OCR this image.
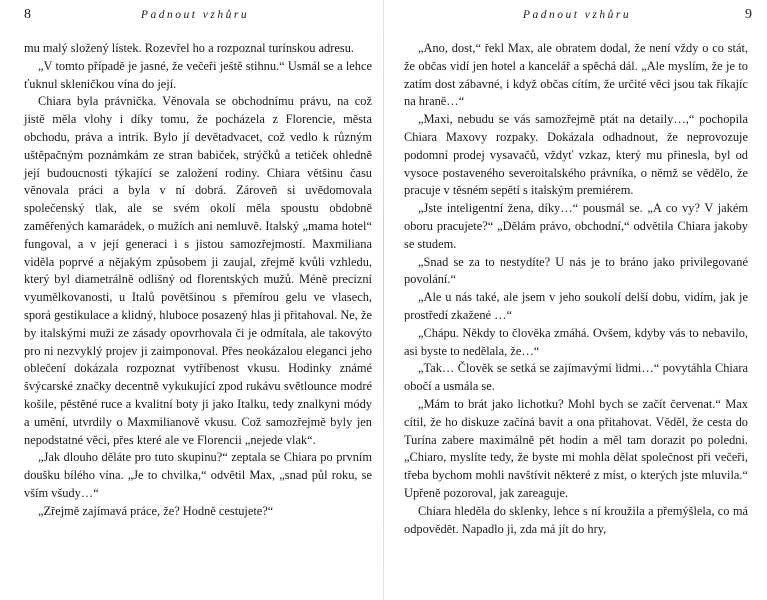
8	Padnout vzhůru

mu malý složený lístek. Rozevřel ho a rozpoznal turínskou adresu.

„V tomto případě je jasné, že večeři ještě stihnu.“ Usmál se a lehce ťuknul skleničkou vína do její.

Chiara byla právnička. Věnovala se obchodnímu právu, na což jistě měla vlohy i díky tomu, že pocházela z Florencie, města obchodu, práva a intrik. Bylo jí devětadvacet, což vedlo k různým uštěpačným poznámkám ze stran babiček, strýčků a tetiček ohledně její budoucnosti týkající se založení rodiny. Chiara většinu času věnovala práci a byla v ní dobrá. Zároveň si uvědomovala společenský tlak, ale se svém okolí měla spoustu obdobně zaměřených kamarádek, o mužích ani nemluvě. Italský „mama hotel“ fungoval, a v její generaci i s jistou samozřejmostí. Maxmiliana viděla poprvé a nějakým způsobem ji zaujal, zřejmě kvůli vzhledu, který byl diametrálně odlišný od florentských mužů. Méně precizní vyumělkovanosti, u Italů povětšinou s přemírou gelu ve vlasech, sporá gestikulace a klidný, hluboce posazený hlas ji přitahoval. Ne, že by italskými muži ze zásady opovrhovala či je odmítala, ale takovýto pro ni nezvyklý projev ji zaimponoval. Přes neokázalou eleganci jeho oblečení dokázala rozpoznat vytříbenost vkusu. Hodinky známé švýcarské značky decentně vykukující zpod rukávu světlounce modré košile, pěstěné ruce a kvalitní boty ji jako Italku, tedy znalkyni módy a umění, utvrdily o Maxmilianově vkusu. Což samozřejmě byly jen nepodstatné věci, přes které ale ve Florencii „nejede vlak“.

„Jak dlouho děláte pro tuto skupinu?“ zeptala se Chiara po prvním doušku bílého vína. „Je to chvilka,“ odvětil Max, „snad půl roku, se vším všudy…“

„Zřejmě zajímavá práce, že? Hodně cestujete?“

Padnout vzhůru	9

„Ano, dost,“ řekl Max, ale obratem dodal, že není vždy o co stát, že občas vidí jen hotel a kancelář a spěchá dál. „Ale myslím, že je to zatím dost zábavné, i když občas cítím, že určité věci jsou tak říkajíc na hraně…“

„Maxi, nebudu se vás samozřejmě ptát na detaily…,“ pochopila Chiara Maxovy rozpaky. Dokázala odhadnout, že neprovozuje podomní prodej vysavačů, vždyť vzkaz, který mu přinesla, byl od vysoce postaveného severoitalského právníka, o němž se vědělo, že pracuje v těsném sepětí s italským premiérem.

„Jste inteligentní žena, díky…“ pousmál se. „A co vy? V jakém oboru pracujete?“ „Dělám právo, obchodní,“ odvětila Chiara jakoby se studem.

„Snad se za to nestydíte? U nás je to bráno jako privilegované povolání.“

„Ale u nás také, ale jsem v jeho soukolí delší dobu, vidím, jak je prostředí zkažené …“

„Chápu. Někdy to člověka zmáhá. Ovšem, kdyby vás to nebavilo, asi byste to nedělala, že…“

„Tak… Člověk se setká se zajímavými lidmi…“ povytáhla Chiara obočí a usmála se.

„Mám to brát jako lichotku? Mohl bych se začít červenat.“ Max cítil, že ho diskuze začíná bavit a ona přitahovat. Věděl, že cesta do Turína zabere maximálně pět hodin a měl tam dorazit po poledni. „Chiaro, myslíte tedy, že byste mi mohla dělat společnost při večeři, třeba bychom mohli navštívit některé z míst, o kterých jste mluvila.“ Upřeně pozoroval, jak zareaguje.

Chiara hleděla do sklenky, lehce s ní kroužila a přemýšlela, co má odpovědět. Napadlo ji, zda má jít do hry,
